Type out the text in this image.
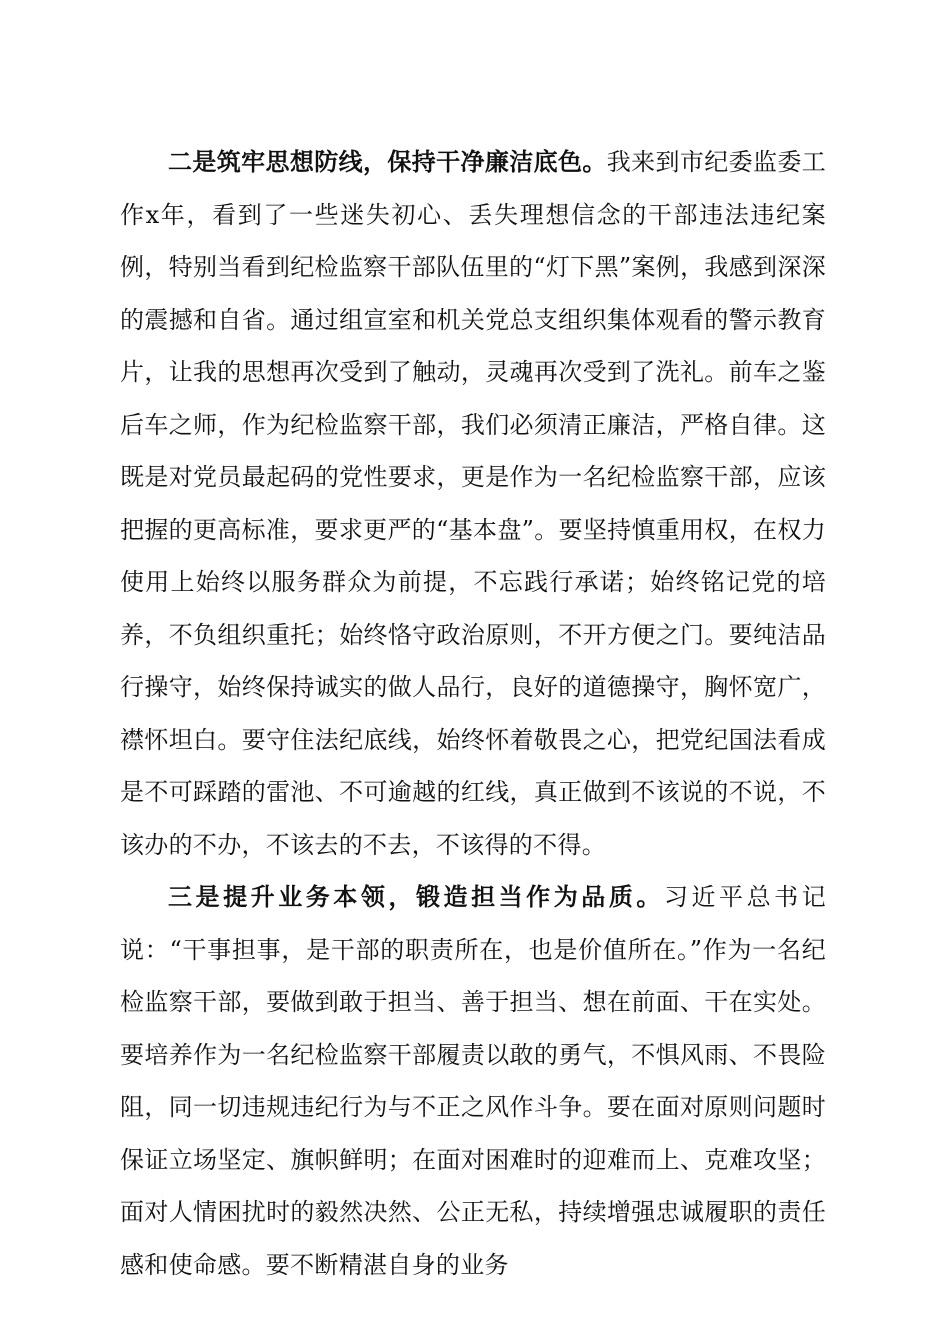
二是筑牢思想防线，保持干净廉洁底色。我来到市纪委监委工作x年，看到了一些迷失初心、丢失理想信念的干部违法违纪案例，特别当看到纪检监察干部队伍里的“灯下黑”案例，我感到深深的震撼和自省。通过组宣室和机关党总支组织集体观看的警示教育片，让我的思想再次受到了触动，灵魂再次受到了洗礼。前车之鉴后车之师，作为纪检监察干部，我们必须清正廉洁，严格自律。这既是对党员最起码的党性要求，更是作为一名纪检监察干部，应该把握的更高标准，要求更严的“基本盘”。要坚持慎重用权，在权力使用上始终以服务群众为前提，不忘践行承诺；始终铭记党的培养，不负组织重托；始终恪守政治原则，不开方便之门。要纯洁品行操守，始终保持诚实的做人品行，良好的道德操守，胸怀宽广，襟怀坦白。要守住法纪底线，始终怀着敬畏之心，把党纪国法看成是不可踩踏的雷池、不可逾越的红线，真正做到不该说的不说，不该办的不办，不该去的不去，不该得的不得。

三是提升业务本领，锻造担当作为品质。习近平总书记说：“干事担事，是干部的职责所在，也是价值所在。”作为一名纪检监察干部，要做到敢于担当、善于担当、想在前面、干在实处。要培养作为一名纪检监察干部履责以敢的勇气，不惧风雨、不畏险阻，同一切违规违纪行为与不正之风作斗争。要在面对原则问题时保证立场坚定、旗帜鲜明；在面对困难时的迎难而上、克难攻坚；面对人情困扰时的毅然决然、公正无私，持续增强忠诚履职的责任感和使命感。要不断精湛自身的业务
